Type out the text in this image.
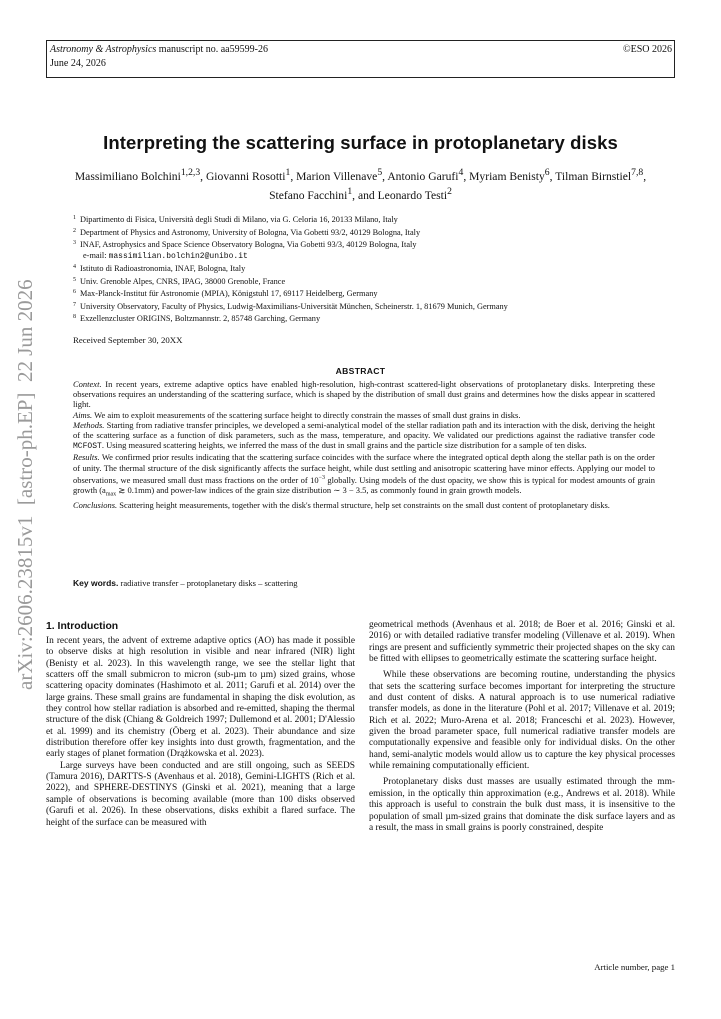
Astronomy & Astrophysics manuscript no. aa59599-26
June 24, 2026
©ESO 2026
arXiv:2606.23815v1  [astro-ph.EP]  22 Jun 2026
Interpreting the scattering surface in protoplanetary disks
Massimiliano Bolchini$^{1,2,3}$, Giovanni Rosotti$^1$, Marion Villenave$^5$, Antonio Garufi$^4$, Myriam Benisty$^6$, Tilman Birnstiel$^{7,8}$, Stefano Facchini$^1$, and Leonardo Testi$^2$
$^1$ Dipartimento di Fisica, Università degli Studi di Milano, via G. Celoria 16, 20133 Milano, Italy
$^2$ Department of Physics and Astronomy, University of Bologna, Via Gobetti 93/2, 40129 Bologna, Italy
$^3$ INAF, Astrophysics and Space Science Observatory Bologna, Via Gobetti 93/3, 40129 Bologna, Italy
e-mail: massimilian.bolchin2@unibo.it
$^4$ Istituto di Radioastronomia, INAF, Bologna, Italy
$^5$ Univ. Grenoble Alpes, CNRS, IPAG, 38000 Grenoble, France
$^6$ Max-Planck-Institut für Astronomie (MPIA), Königstuhl 17, 69117 Heidelberg, Germany
$^7$ University Observatory, Faculty of Physics, Ludwig-Maximilians-Universität München, Scheinerstr. 1, 81679 Munich, Germany
$^8$ Exzellenzcluster ORIGINS, Boltzmannstr. 2, 85748 Garching, Germany
Received September 30, 20XX
ABSTRACT

Context. In recent years, extreme adaptive optics have enabled high-resolution, high-contrast scattered-light observations of protoplanetary disks. Interpreting these observations requires an understanding of the scattering surface, which is shaped by the distribution of small dust grains and determines how the disks appear in scattered light.

Aims. We aim to exploit measurements of the scattering surface height to directly constrain the masses of small dust grains in disks.

Methods. Starting from radiative transfer principles, we developed a semi-analytical model of the stellar radiation path and its interaction with the disk, deriving the height of the scattering surface as a function of disk parameters, such as the mass, temperature, and opacity. We validated our predictions against the radiative transfer code MCFOST. Using measured scattering heights, we inferred the mass of the dust in small grains and the particle size distribution for a sample of ten disks.

Results. We confirmed prior results indicating that the scattering surface coincides with the surface where the integrated optical depth along the stellar path is on the order of unity. The thermal structure of the disk significantly affects the surface height, while dust settling and anisotropic scattering have minor effects. Applying our model to observations, we measured small dust mass fractions on the order of $10^{-3}$ globally. Using models of the dust opacity, we show this is typical for modest amounts of grain growth ($a_{max}$ ≳ 0.1mm) and power-law indices of the grain size distribution ∼ 3 − 3.5, as commonly found in grain growth models.

Conclusions. Scattering height measurements, together with the disk's thermal structure, help set constraints on the small dust content of protoplanetary disks.

Key words. radiative transfer – protoplanetary disks – scattering
1. Introduction

In recent years, the advent of extreme adaptive optics (AO) has made it possible to observe disks at high resolution in visible and near infrared (NIR) light (Benisty et al. 2023). In this wavelength range, we see the stellar light that scatters off the small submicron to micron (sub-µm to µm) sized grains, whose scattering opacity dominates (Hashimoto et al. 2011; Garufi et al. 2014) over the large grains. These small grains are fundamental in shaping the disk evolution, as they control how stellar radiation is absorbed and re-emitted, shaping the thermal structure of the disk (Chiang & Goldreich 1997; Dullemond et al. 2001; D'Alessio et al. 1999) and its chemistry (Öberg et al. 2023). Their abundance and size distribution therefore offer key insights into dust growth, fragmentation, and the early stages of planet formation (Drążkowska et al. 2023).

Large surveys have been conducted and are still ongoing, such as SEEDS (Tamura 2016), DARTTS-S (Avenhaus et al. 2018), Gemini-LIGHTS (Rich et al. 2022), and SPHERE-DESTINYS (Ginski et al. 2021), meaning that a large sample of observations is becoming available (more than 100 disks observed (Garufi et al. 2026). In these observations, disks exhibit a flared surface. The height of the surface can be measured with

geometrical methods (Avenhaus et al. 2018; de Boer et al. 2016; Ginski et al. 2016) or with detailed radiative transfer modeling (Villenave et al. 2019). When rings are present and sufficiently symmetric their projected shapes on the sky can be fitted with ellipses to geometrically estimate the scattering surface height.

While these observations are becoming routine, understanding the physics that sets the scattering surface becomes important for interpreting the structure and dust content of disks. A natural approach is to use numerical radiative transfer models, as done in the literature (Pohl et al. 2017; Villenave et al. 2019; Rich et al. 2022; Muro-Arena et al. 2018; Franceschi et al. 2023). However, given the broad parameter space, full numerical radiative transfer models are computationally expensive and feasible only for individual disks. On the other hand, semi-analytic models would allow us to capture the key physical processes while remaining computationally efficient.

Protoplanetary disks dust masses are usually estimated through the mm-emission, in the optically thin approximation (e.g., Andrews et al. 2018). While this approach is useful to constrain the bulk dust mass, it is insensitive to the population of small µm-sized grains that dominate the disk surface layers and as a result, the mass in small grains is poorly constrained, despite

Article number, page 1
